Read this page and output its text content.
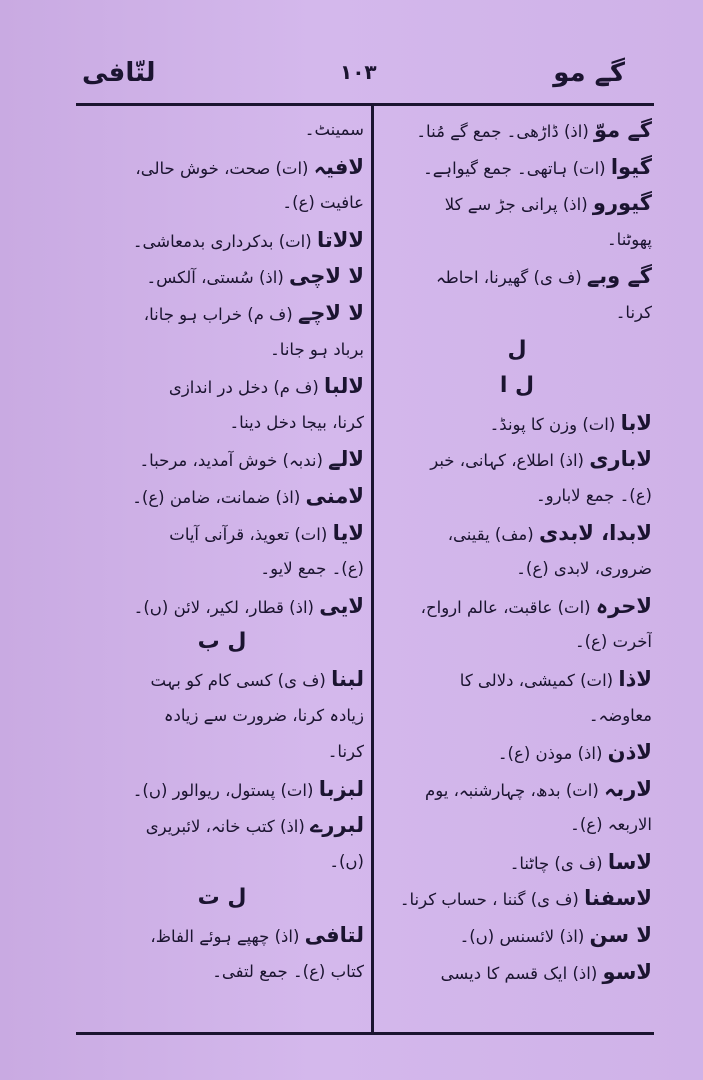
لتّافی	۱۰۳	گے مو
گے موّ (اذ) ڈاڑھی۔ جمع گے مُنا۔
گیوا (ات) ہاتھی۔ جمع گیواہے۔
گیورو (اذ) پرانی جڑ سے کلا
پھوٹنا۔
گے وبے (ف ی) گھیرنا، احاطہ
کرنا۔
ل
ل ا
لابا (ات) وزن کا پونڈ۔
لاباری (اذ) اطلاع، کہانی، خبر
(ع)۔ جمع لابارو۔
لابدا، لابدی (مف) یقینی،
ضروری، لابدی (ع)۔
لاحرہ (ات) عاقبت، عالم ارواح،
آخرت (ع)۔
لاذا (ات) کمیشی، دلالی کا
معاوضہ۔
لاذن (اذ) موذن (ع)۔
لاربہ (ات) بدھ، چہارشنبہ، یوم
الاربعہ (ع)۔
لاسا (ف ی) چاٹنا۔
لاسفنا (ف ی) گننا ، حساب کرنا۔
لا سن (اذ) لائسنس (ں)۔
لاسو (اذ) ایک قسم کا دیسی
سمینٹ۔
لافیہ (ات) صحت، خوش حالی،
عافیت (ع)۔
لالاتا (ات) بدکرداری بدمعاشی۔
لا لاچی (اذ) سُستی، آلکس۔
لا لاچے (ف م) خراب ہو جانا،
برباد ہو جانا۔
لالبا (ف م) دخل در اندازی
کرنا، بیجا دخل دینا۔
لالے (ندبہ) خوش آمدید، مرحبا۔
لامنی (اذ) ضمانت، ضامن (ع)۔
لایا (ات) تعویذ، قرآنی آیات
(ع)۔ جمع لایو۔
لایی (اذ) قطار، لکیر، لائن (ں)۔
ل ب
لبنا (ف ی) کسی کام کو بہت
زیادہ کرنا، ضرورت سے زیادہ
کرنا۔
لبزبا (ات) پستول، ریوالور (ں)۔
لبررے (اذ) کتب خانہ، لائبریری
(ں)۔
ل ت
لتافی (اذ) چھپے ہوئے الفاظ،
کتاب (ع)۔ جمع لتفی۔
